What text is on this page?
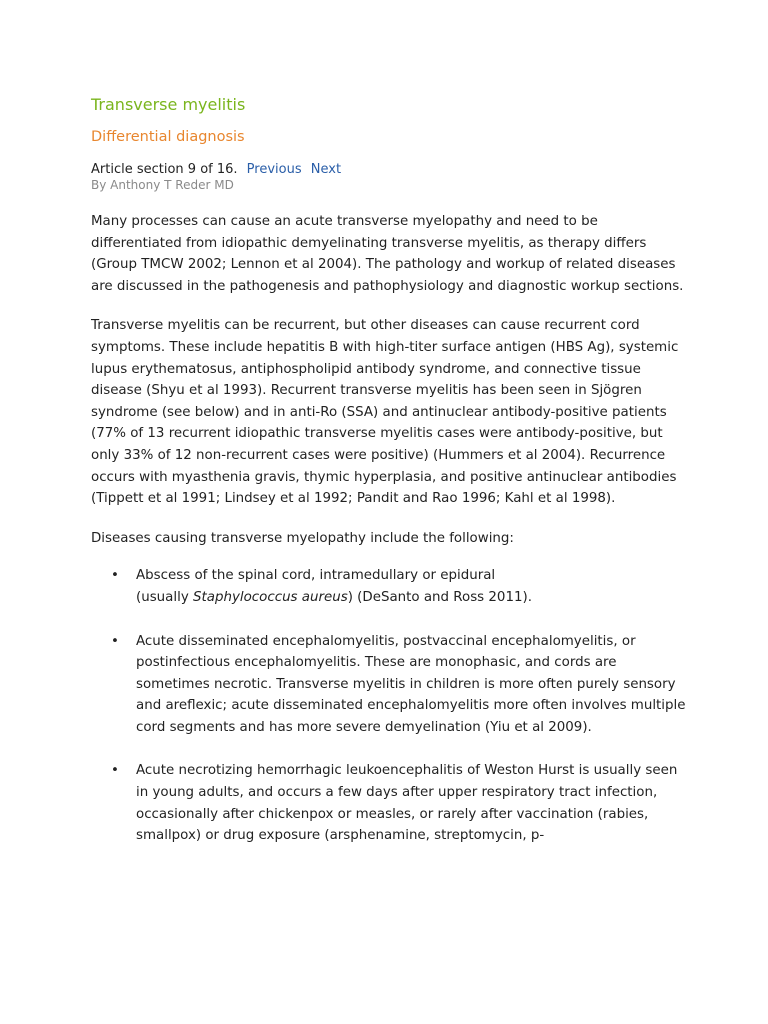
Transverse myelitis
Differential diagnosis
Article section 9 of 16. Previous Next
By Anthony T Reder MD

Many processes can cause an acute transverse myelopathy and need to be differentiated from idiopathic demyelinating transverse myelitis, as therapy differs (Group TMCW 2002; Lennon et al 2004). The pathology and workup of related diseases are discussed in the pathogenesis and pathophysiology and diagnostic workup sections.

Transverse myelitis can be recurrent, but other diseases can cause recurrent cord symptoms. These include hepatitis B with high-titer surface antigen (HBS Ag), systemic lupus erythematosus, antiphospholipid antibody syndrome, and connective tissue disease (Shyu et al 1993). Recurrent transverse myelitis has been seen in Sjögren syndrome (see below) and in anti-Ro (SSA) and antinuclear antibody-positive patients (77% of 13 recurrent idiopathic transverse myelitis cases were antibody-positive, but only 33% of 12 non-recurrent cases were positive) (Hummers et al 2004). Recurrence occurs with myasthenia gravis, thymic hyperplasia, and positive antinuclear antibodies (Tippett et al 1991; Lindsey et al 1992; Pandit and Rao 1996; Kahl et al 1998).

Diseases causing transverse myelopathy include the following:

• Abscess of the spinal cord, intramedullary or epidural
(usually Staphylococcus aureus) (DeSanto and Ross 2011).
• Acute disseminated encephalomyelitis, postvaccinal encephalomyelitis, or postinfectious encephalomyelitis. These are monophasic, and cords are sometimes necrotic. Transverse myelitis in children is more often purely sensory and areflexic; acute disseminated encephalomyelitis more often involves multiple cord segments and has more severe demyelination (Yiu et al 2009).
• Acute necrotizing hemorrhagic leukoencephalitis of Weston Hurst is usually seen in young adults, and occurs a few days after upper respiratory tract infection, occasionally after chickenpox or measles, or rarely after vaccination (rabies, smallpox) or drug exposure (arsphenamine, streptomycin, p-
